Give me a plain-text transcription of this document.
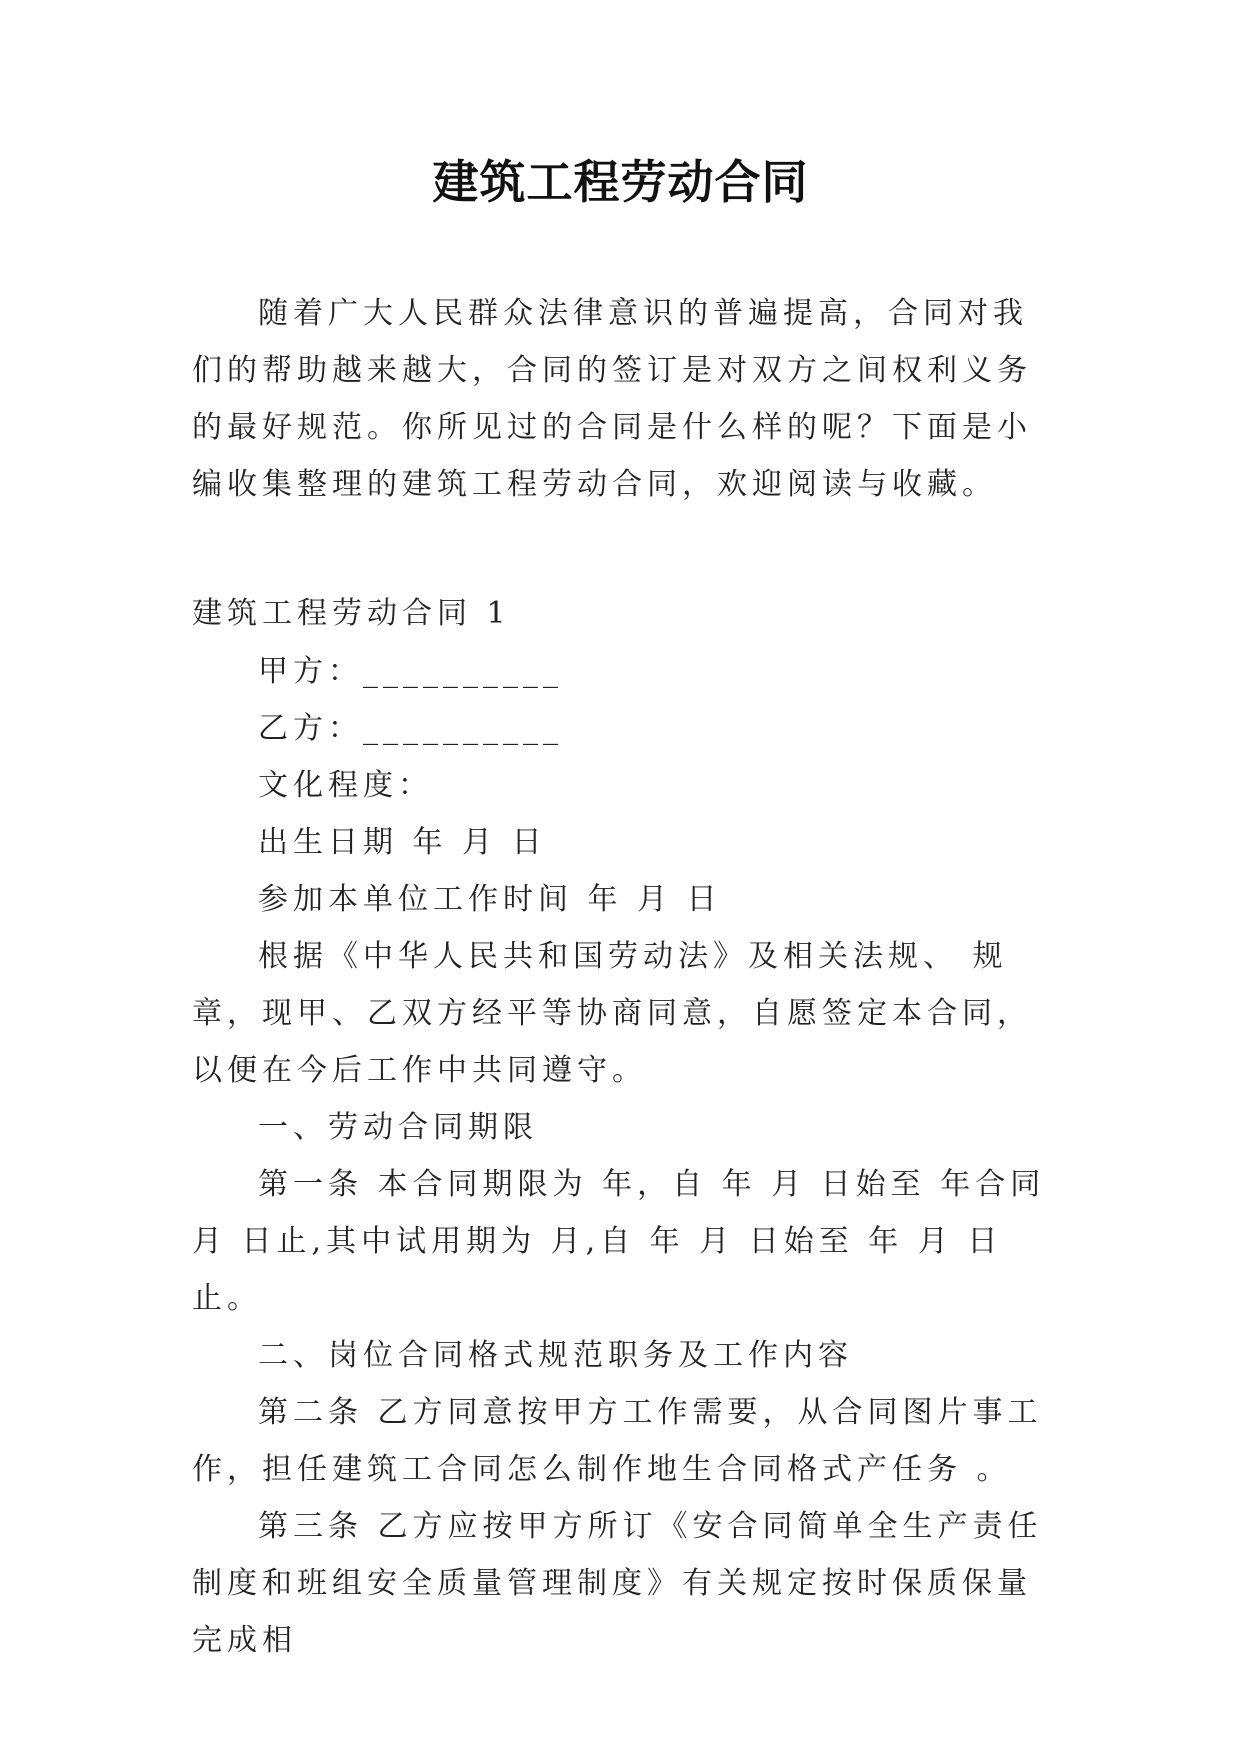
建筑工程劳动合同
随着广大人民群众法律意识的普遍提高，合同对我们的帮助越来越大，合同的签订是对双方之间权利义务的最好规范。你所见过的合同是什么样的呢？下面是小编收集整理的建筑工程劳动合同，欢迎阅读与收藏。

建筑工程劳动合同 1

甲方：__________

乙方：__________

文化程度：

出生日期 年 月 日

参加本单位工作时间 年 月 日

根据《中华人民共和国劳动法》及相关法规、 规章，现甲、乙双方经平等协商同意，自愿签定本合同，以便在今后工作中共同遵守。

一、劳动合同期限

第一条 本合同期限为 年，自 年 月 日始至 年合同 月 日止,其中试用期为 月,自 年 月 日始至 年 月 日 止。

二、岗位合同格式规范职务及工作内容

第二条 乙方同意按甲方工作需要，从合同图片事工作，担任建筑工合同怎么制作地生合同格式产任务 。

第三条 乙方应按甲方所订《安合同简单全生产责任制度和班组安全质量管理制度》有关规定按时保质保量完成相
